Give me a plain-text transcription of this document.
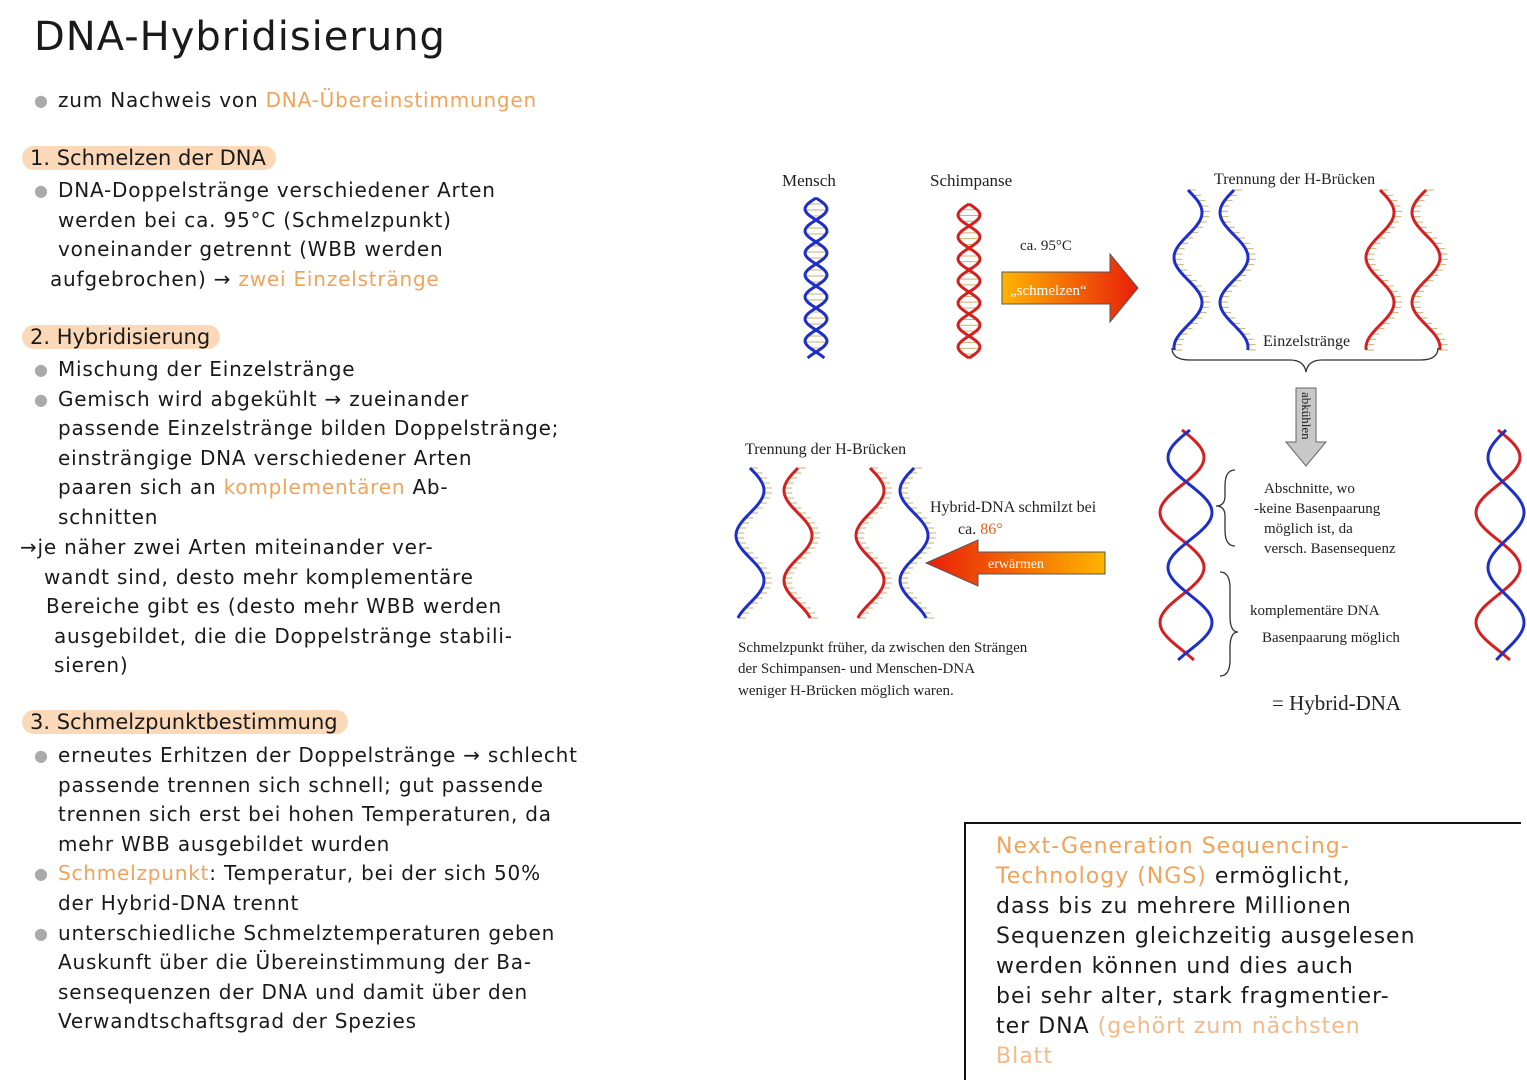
DNA-Hybridisierung
● zum Nachweis von DNA-Übereinstimmungen
1. Schmelzen der DNA
● DNA-Doppelstränge verschiedener Arten
werden bei ca. 95°C (Schmelzpunkt)
voneinander getrennt (WBB werden
aufgebrochen) → zwei Einzelstränge
2. Hybridisierung
● Mischung der Einzelstränge
● Gemisch wird abgekühlt → zueinander
passende Einzelstränge bilden Doppelstränge;
einsträngige DNA verschiedener Arten
paaren sich an komplementären Ab-
schnitten
→je näher zwei Arten miteinander ver-
wandt sind, desto mehr komplementäre
Bereiche gibt es (desto mehr WBB werden
ausgebildet, die die Doppelstränge stabili-
sieren)
3. Schmelzpunktbestimmung
● erneutes Erhitzen der Doppelstränge → schlecht
passende trennen sich schnell; gut passende
trennen sich erst bei hohen Temperaturen, da
mehr WBB ausgebildet wurden
● Schmelzpunkt: Temperatur, bei der sich 50%
der Hybrid-DNA trennt
● unterschiedliche Schmelztemperaturen geben
Auskunft über die Übereinstimmung der Ba-
sensequenzen der DNA und damit über den
Verwandtschaftsgrad der Spezies
Mensch	Schimpanse
ca. 95°C
Trennung der H-Brücken
Einzelstränge
Trennung der H-Brücken
Hybrid-DNA schmilzt bei
ca. 86°
Abschnitte, wo
-keine Basenpaarung
möglich ist, da
versch. Basensequenz
komplementäre DNA
Basenpaarung möglich
Schmelzpunkt früher, da zwischen den Strängen
der Schimpansen- und Menschen-DNA
weniger H-Brücken möglich waren.	= Hybrid-DNA
„schmelzen“
erwärmen
abkühlen
Next-Generation Sequencing-
Technology (NGS) ermöglicht,
dass bis zu mehrere Millionen
Sequenzen gleichzeitig ausgelesen
werden können und dies auch
bei sehr alter, stark fragmentier-
ter DNA (gehört zum nächsten
Blatt
